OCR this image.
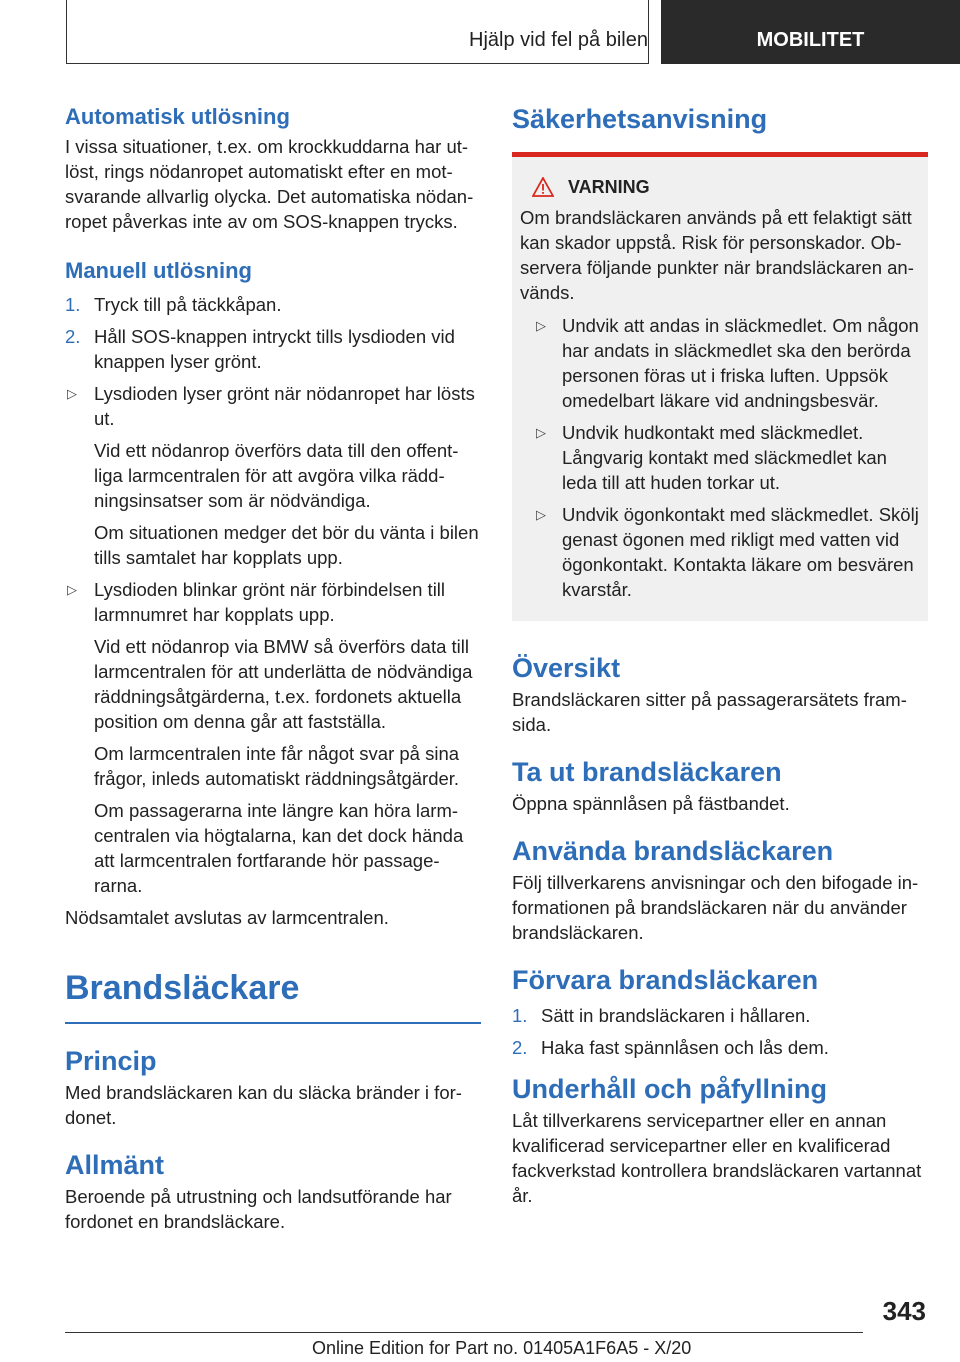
Hjälp vid fel på bilen	MOBILITET
Automatisk utlösning

I vissa situationer, t.ex. om krockkuddarna har utlöst, rings nödanropet automatiskt efter en motsvarande allvarlig olycka. Det automatiska nödanropet påverkas inte av om SOS-knappen trycks.

Manuell utlösning
1. Tryck till på täckkåpan.
2. Håll SOS-knappen intryckt tills lysdioden vid knappen lyser grönt.
▷ Lysdioden lyser grönt när nödanropet har lösts ut.
Vid ett nödanrop överförs data till den offentliga larmcentralen för att avgöra vilka räddningsinsatser som är nödvändiga.
Om situationen medger det bör du vänta i bilen tills samtalet har kopplats upp.
▷ Lysdioden blinkar grönt när förbindelsen till larmnumret har kopplats upp.
Vid ett nödanrop via BMW så överförs data till larmcentralen för att underlätta de nödvändiga räddningsåtgärderna, t.ex. fordonets aktuella position om denna går att fastställa.
Om larmcentralen inte får något svar på sina frågor, inleds automatiskt räddningsåtgärder.
Om passagerarna inte längre kan höra larmcentralen via högtalarna, kan det dock hända att larmcentralen fortfarande hör passagerarna.

Nödsamtalet avslutas av larmcentralen.

Brandsläckare
Princip

Med brandsläckaren kan du släcka bränder i fordonet.

Allmänt

Beroende på utrustning och landsutförande har fordonet en brandsläckare.

Säkerhetsanvisning
VARNING

Om brandsläckaren används på ett felaktigt sätt kan skador uppstå. Risk för personskador. Observera följande punkter när brandsläckaren används.

▷ Undvik att andas in släckmedlet. Om någon har andats in släckmedlet ska den berörda personen föras ut i friska luften. Uppsök omedelbart läkare vid andningsbesvär.
▷ Undvik hudkontakt med släckmedlet. Långvarig kontakt med släckmedlet kan leda till att huden torkar ut.
▷ Undvik ögonkontakt med släckmedlet. Skölj genast ögonen med rikligt med vatten vid ögonkontakt. Kontakta läkare om besvären kvarstår.
Översikt

Brandsläckaren sitter på passagerarsätets framsida.

Ta ut brandsläckaren

Öppna spännlåsen på fästbandet.

Använda brandsläckaren

Följ tillverkarens anvisningar och den bifogade informationen på brandsläckaren när du använder brandsläckaren.

Förvara brandsläckaren
1. Sätt in brandsläckaren i hållaren.
2. Haka fast spännlåsen och lås dem.
Underhåll och påfyllning

Låt tillverkarens servicepartner eller en annan kvalificerad servicepartner eller en kvalificerad fackverkstad kontrollera brandsläckaren vartannat år.

343
Online Edition for Part no. 01405A1F6A5 - X/20
